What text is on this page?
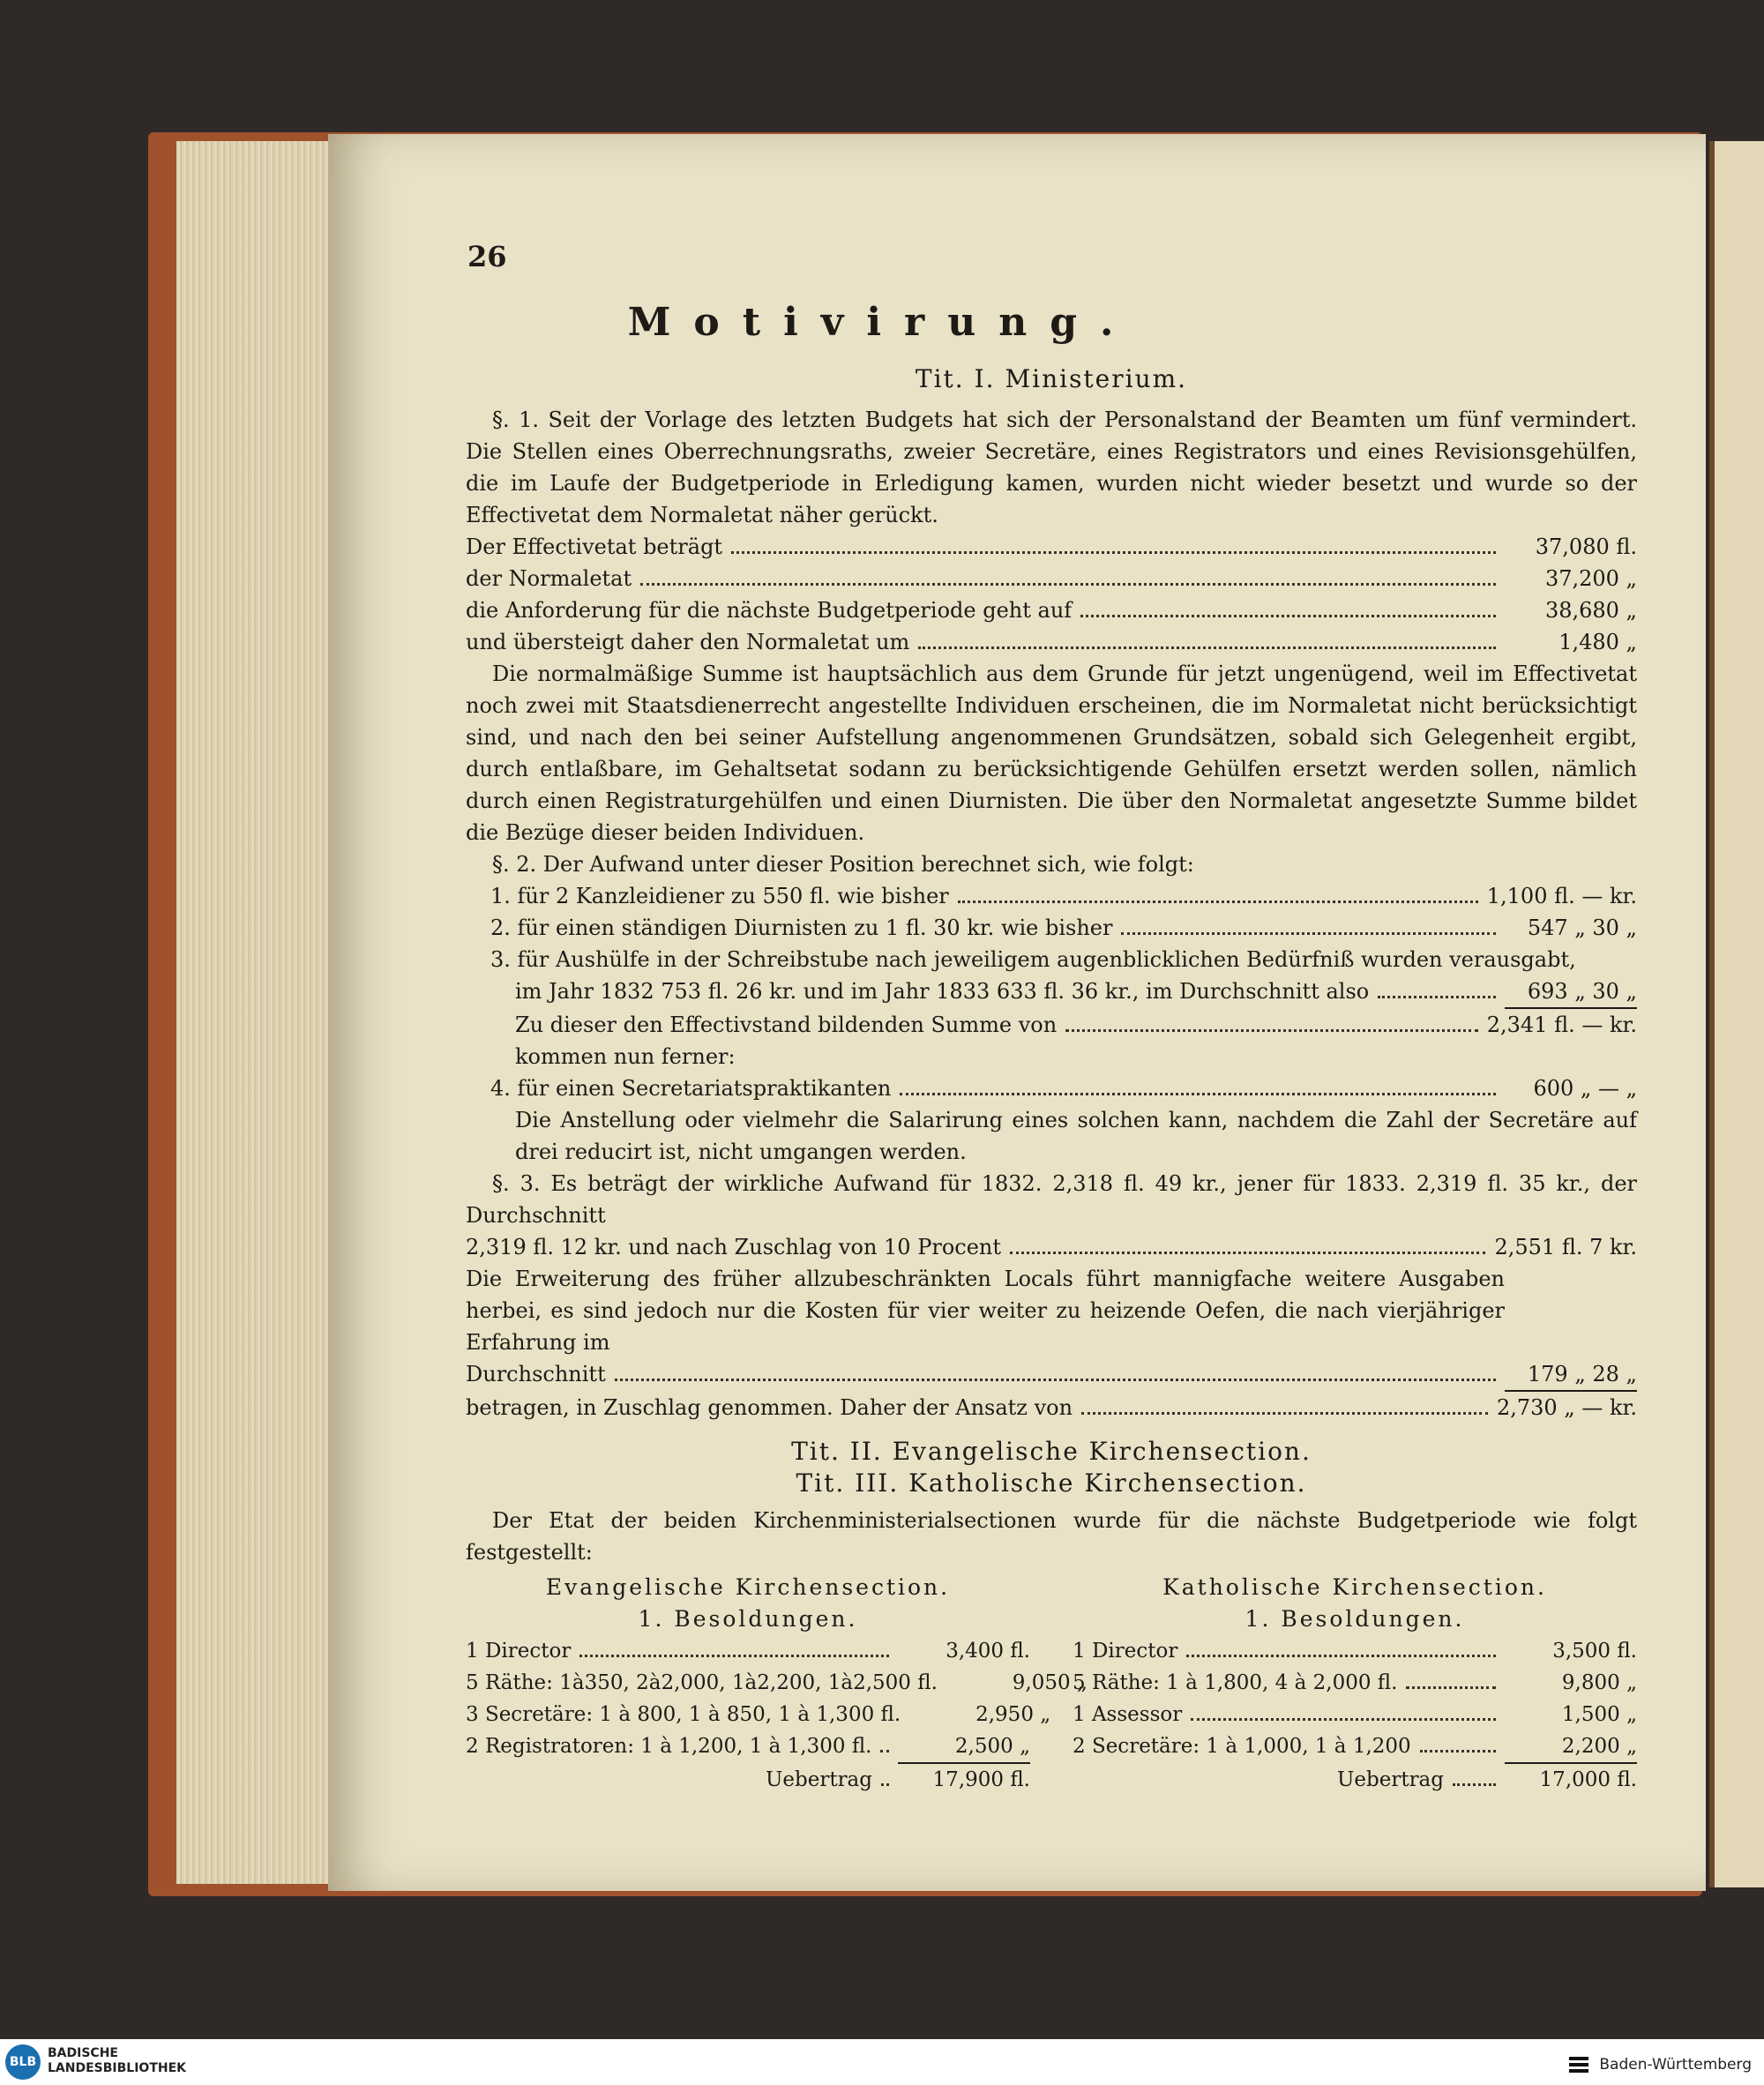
26
Motivirung.
Tit. I. Ministerium.

§. 1. Seit der Vorlage des letzten Budgets hat sich der Personalstand der Beamten um fünf vermindert. Die Stellen eines Oberrechnungsraths, zweier Secretäre, eines Registrators und eines Revisionsgehülfen, die im Laufe der Budgetperiode in Erledigung kamen, wurden nicht wieder besetzt und wurde so der Effectivetat dem Normaletat näher gerückt.

Der Effectivetat beträgt	37,080 fl.
der Normaletat	37,200 „
die Anforderung für die nächste Budgetperiode geht auf	38,680 „
und übersteigt daher den Normaletat um	1,480 „

Die normalmäßige Summe ist hauptsächlich aus dem Grunde für jetzt ungenügend, weil im Effectivetat noch zwei mit Staatsdienerrecht angestellte Individuen erscheinen, die im Normaletat nicht berücksichtigt sind, und nach den bei seiner Aufstellung angenommenen Grundsätzen, sobald sich Gelegenheit ergibt, durch entlaßbare, im Gehaltsetat sodann zu berücksichtigende Gehülfen ersetzt werden sollen, nämlich durch einen Registraturgehülfen und einen Diurnisten. Die über den Normaletat angesetzte Summe bildet die Bezüge dieser beiden Individuen.

§. 2. Der Aufwand unter dieser Position berechnet sich, wie folgt:

1. für 2 Kanzleidiener zu 550 fl. wie bisher	1,100 fl. — kr.
2. für einen ständigen Diurnisten zu 1 fl. 30 kr. wie bisher	547 „ 30 „

3. für Aushülfe in der Schreibstube nach jeweiligem augenblicklichen Bedürfniß wurden verausgabt,

im Jahr 1832 753 fl. 26 kr. und im Jahr 1833 633 fl. 36 kr., im Durchschnitt also	693 „ 30 „
Zu dieser den Effectivstand bildenden Summe von	2,341 fl. — kr.

kommen nun ferner:

4. für einen Secretariatspraktikanten	600 „ — „

Die Anstellung oder vielmehr die Salarirung eines solchen kann, nachdem die Zahl der Secretäre auf drei reducirt ist, nicht umgangen werden.

§. 3. Es beträgt der wirkliche Aufwand für 1832. 2,318 fl. 49 kr., jener für 1833. 2,319 fl. 35 kr., der Durchschnitt

2,319 fl. 12 kr. und nach Zuschlag von 10 Procent	2,551 fl. 7 kr.

Die Erweiterung des früher allzubeschränkten Locals führt mannigfache weitere Ausgaben herbei, es sind jedoch nur die Kosten für vier weiter zu heizende Oefen, die nach vierjähriger Erfahrung im

Durchschnitt	179 „ 28 „
betragen, in Zuschlag genommen. Daher der Ansatz von	2,730 „ — kr.
Tit. II. Evangelische Kirchensection.
Tit. III. Katholische Kirchensection.

Der Etat der beiden Kirchenministerialsectionen wurde für die nächste Budgetperiode wie folgt festgestellt:

Evangelische Kirchensection.
1. Besoldungen.
1 Director	3,400 fl.
5 Räthe: 1à350, 2à2,000, 1à2,200, 1à2,500 fl.	9,050 „
3 Secretäre: 1 à 800, 1 à 850, 1 à 1,300 fl.	2,950 „
2 Registratoren: 1 à 1,200, 1 à 1,300 fl.	2,500 „
Uebertrag	17,900 fl.
Katholische Kirchensection.
1. Besoldungen.
1 Director	3,500 fl.
5 Räthe: 1 à 1,800, 4 à 2,000 fl.	9,800 „
1 Assessor	1,500 „
2 Secretäre: 1 à 1,000, 1 à 1,200	2,200 „
Uebertrag	17,000 fl.
BLB
BADISCHE
LANDESBIBLIOTHEK	Baden-Württemberg
